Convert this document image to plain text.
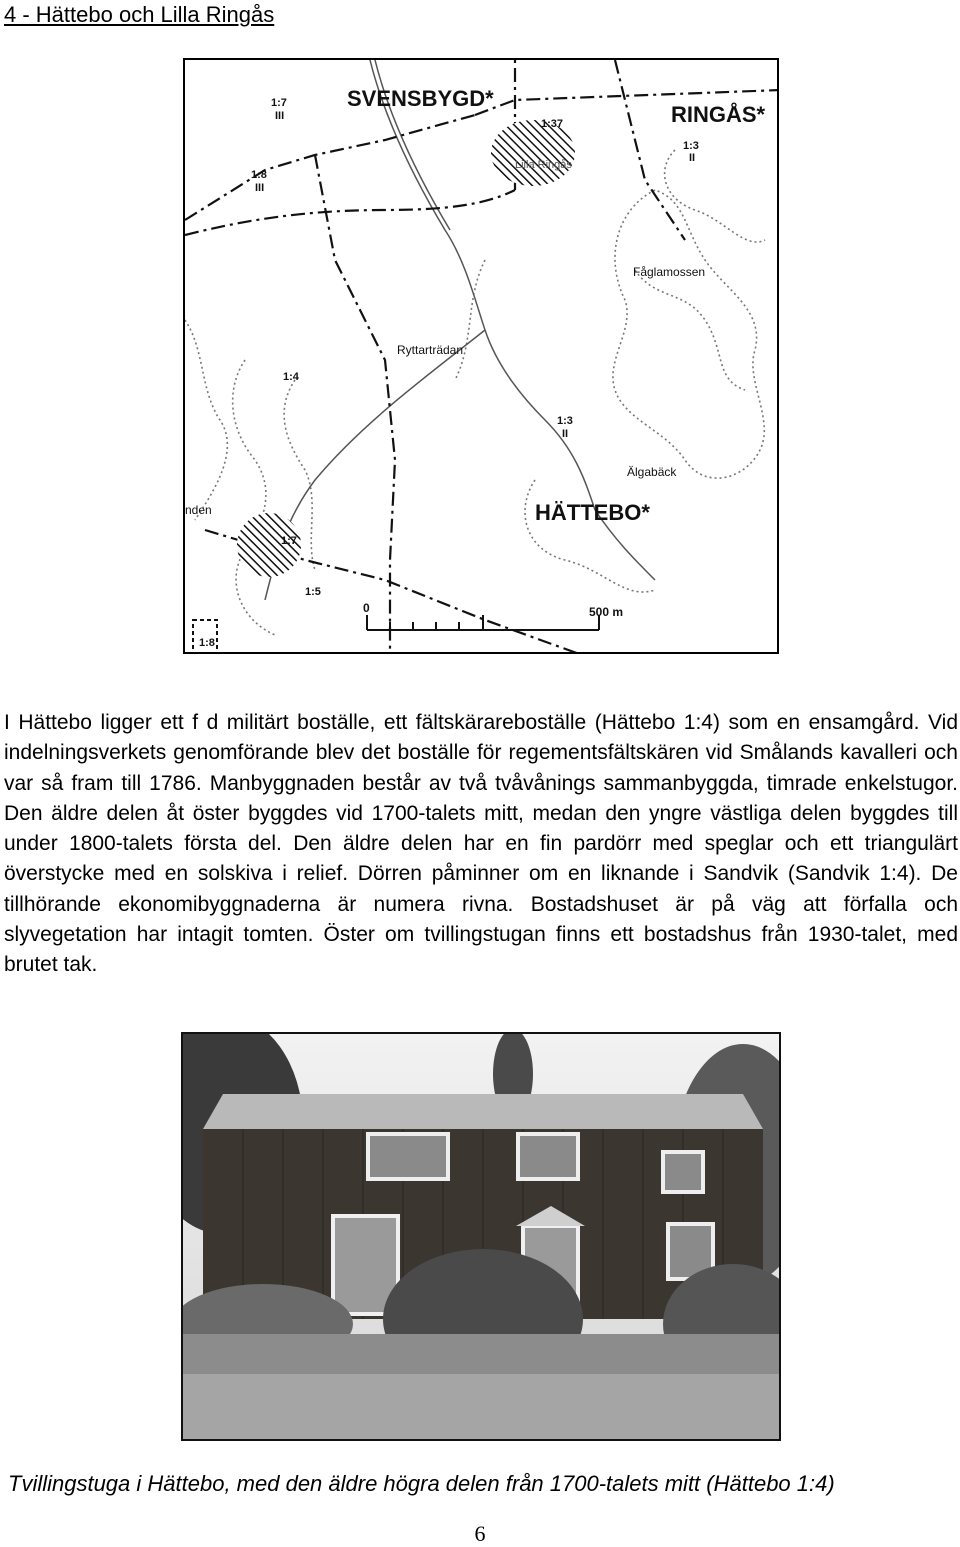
4 - Hättebo och Lilla Ringås
SVENSBYGD*
RINGÅS*
HÄTTEBO*
Lilla Ringås
Fåglamossen
Ryttarträdan
Älgabäck
nden
1:7
III
1:8
III
1:37
1:3
II
1:4
1:3
II
1:7
1:5
1:8
0	500 m

I Hättebo ligger ett f d militärt boställe, ett fältskärareboställe (Hättebo 1:4) som en ensamgård. Vid indelningsverkets genomförande blev det boställe för regementsfältskären vid Smålands kavalleri och var så fram till 1786. Manbyggnaden består av två tvåvånings sammanbyggda, timrade enkelstugor. Den äldre delen åt öster byggdes vid 1700-talets mitt, medan den yngre västliga delen byggdes till under 1800-talets första del. Den äldre delen har en fin pardörr med speglar och ett triangulärt överstycke med en solskiva i relief. Dörren påminner om en liknande i Sandvik (Sandvik 1:4). De tillhörande ekonomibyggnaderna är numera rivna. Bostadshuset är på väg att förfalla och slyvegetation har intagit tomten. Öster om tvillingstugan finns ett bostadshus från 1930-talet, med brutet tak.

Tvillingstuga i Hättebo, med den äldre högra delen från 1700-talets mitt (Hättebo 1:4)
6
